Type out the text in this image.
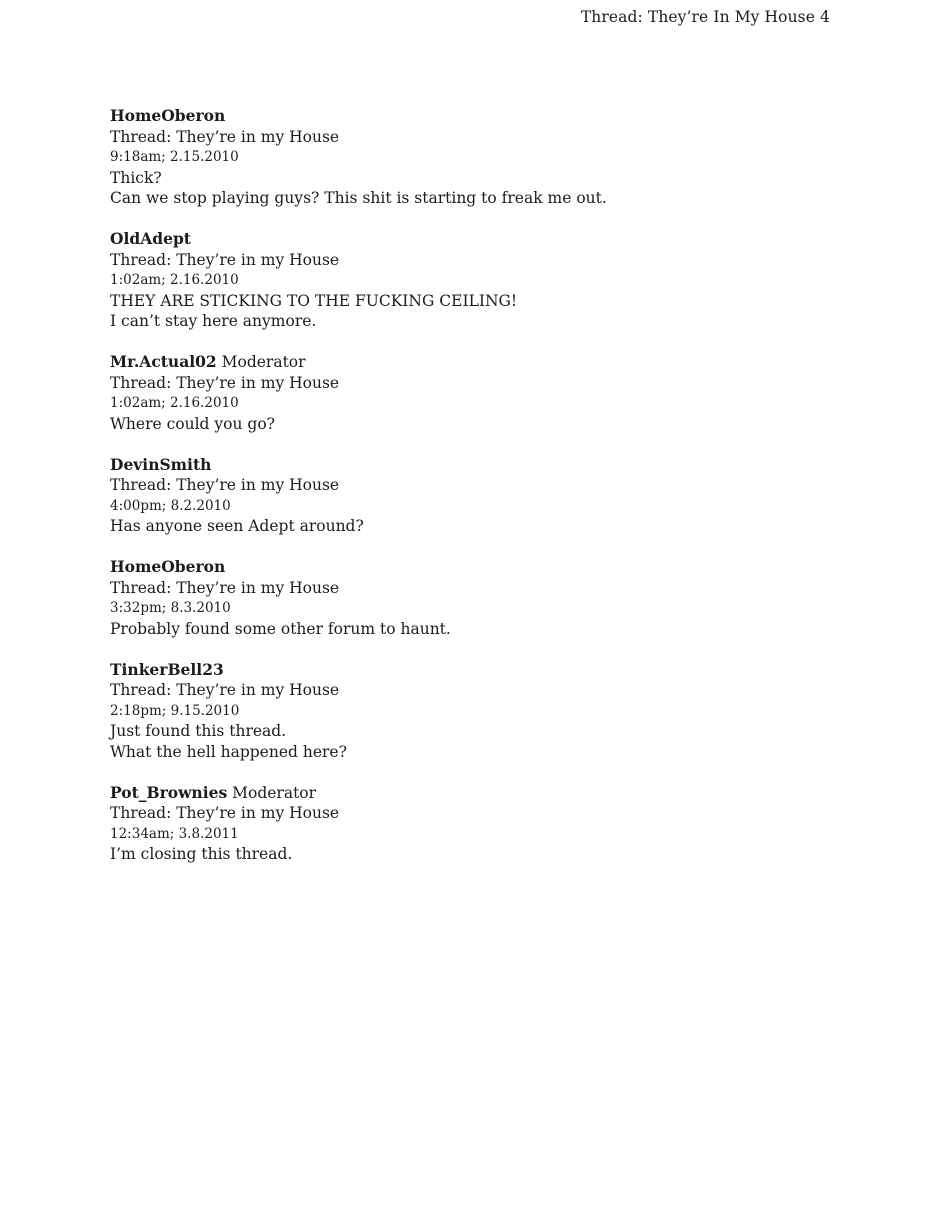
Thread: They’re In My House 4
HomeOberon
Thread: They’re in my House
9:18am; 2.15.2010
Thick?
Can we stop playing guys? This shit is starting to freak me out.
OldAdept
Thread: They’re in my House
1:02am; 2.16.2010
THEY ARE STICKING TO THE FUCKING CEILING!
I can’t stay here anymore.
Mr.Actual02 Moderator
Thread: They’re in my House
1:02am; 2.16.2010
Where could you go?
DevinSmith
Thread: They’re in my House
4:00pm; 8.2.2010
Has anyone seen Adept around?
HomeOberon
Thread: They’re in my House
3:32pm; 8.3.2010
Probably found some other forum to haunt.
TinkerBell23
Thread: They’re in my House
2:18pm; 9.15.2010
Just found this thread.
What the hell happened here?
Pot_Brownies Moderator
Thread: They’re in my House
12:34am; 3.8.2011
I’m closing this thread.
